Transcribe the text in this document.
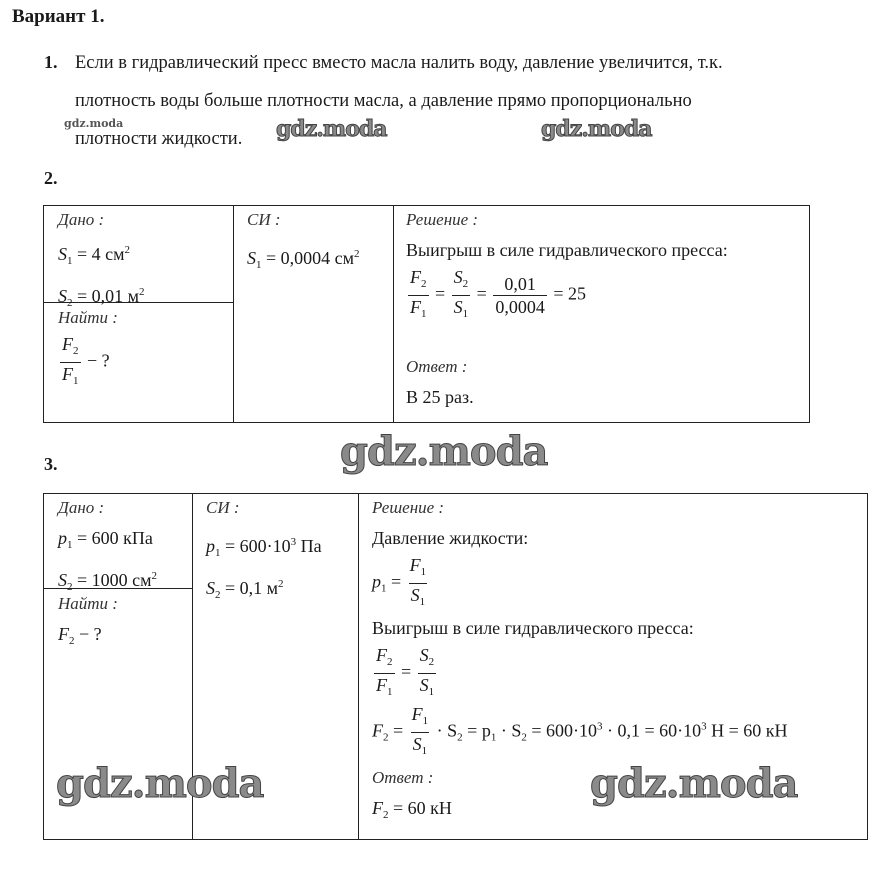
Вариант 1.
1. Если в гидравлический пресс вместо масла налить воду, давление увеличится, т.к.
плотность воды больше плотности масла, а давление прямо пропорционально
плотности жидкости.
gdz.moda	gdz.moda	gdz.moda
2.
Дано :
$S_1 = 4$ $см^2$
$S_2 = 0,01$ $м^2$
Найти :
$\frac{F_2}{F_1}$ − ?
СИ :
$S_1 = 0,0004$ $см^2$
Решение :
Выигрыш в силе гидравлического пресса:
$\frac{F_2}{F_1} = \frac{S_2}{S_1} = \frac{0,01}{0,0004} = 25$
Ответ :
В 25 раз.
gdz.moda
3.
Дано :
$p_1 = 600$ кПа
$S_2 = 1000$ $см^2$
Найти :
$F_2$ − ?
СИ :
$p_1 = 600\cdot 10^3$ Па
$S_2 = 0,1$ $м^2$
Решение :
Давление жидкости:
$p_1 = \frac{F_1}{S_1}$
Выигрыш в силе гидравлического пресса:
$\frac{F_2}{F_1} = \frac{S_2}{S_1}$
$F_2 = \frac{F_1}{S_1} \cdot S_2 = p_1 \cdot S_2 = 600\cdot 10^3 \cdot 0,1 = 60\cdot 10^3$ Н = 60 кН
Ответ :
$F_2 = 60$ кН
gdz.moda	gdz.moda
